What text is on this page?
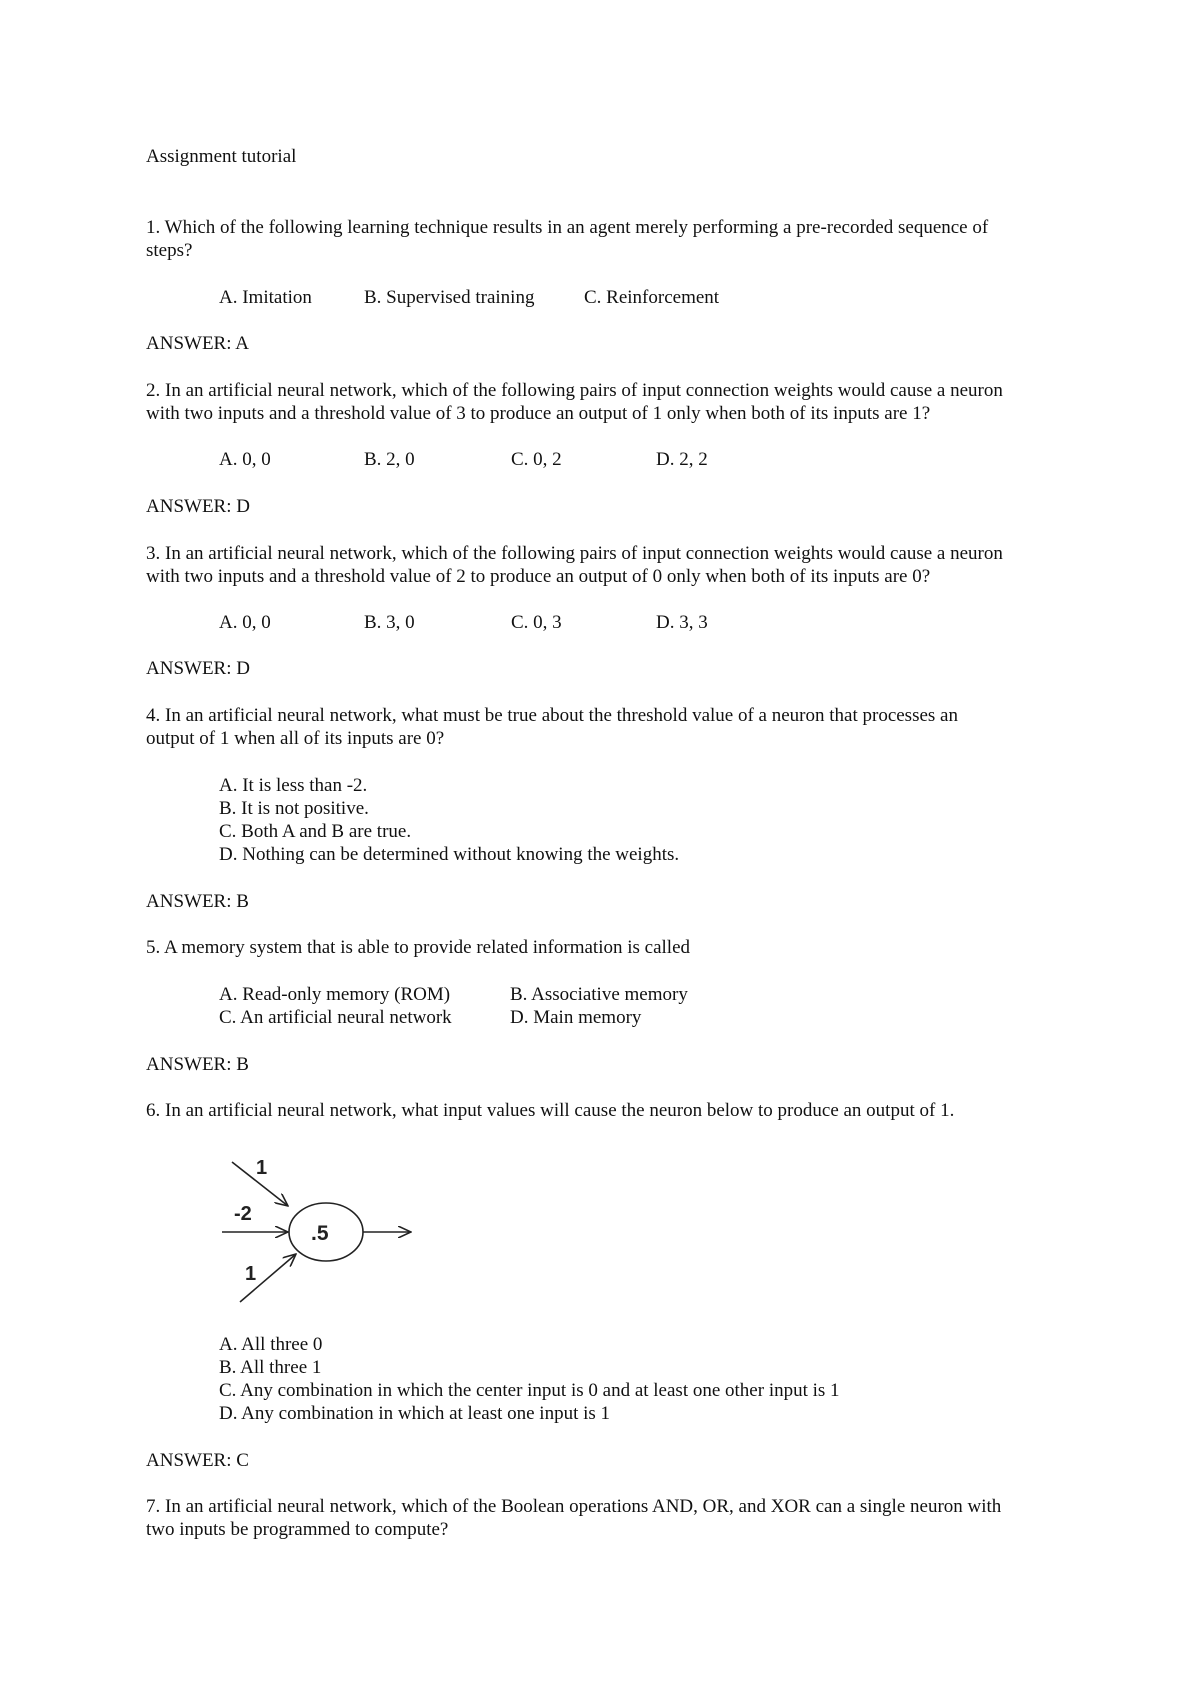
Assignment tutorial
1. Which of the following learning technique results in an agent merely performing a pre-recorded sequence of
steps?
A. Imitation	B. Supervised training	C. Reinforcement
ANSWER: A
2. In an artificial neural network, which of the following pairs of input connection weights would cause a neuron
with two inputs and a threshold value of 3 to produce an output of 1 only when both of its inputs are 1?
A. 0, 0	B. 2, 0	C. 0, 2	D. 2, 2
ANSWER: D
3. In an artificial neural network, which of the following pairs of input connection weights would cause a neuron
with two inputs and a threshold value of 2 to produce an output of 0 only when both of its inputs are 0?
A. 0, 0	B. 3, 0	C. 0, 3	D. 3, 3
ANSWER: D
4. In an artificial neural network, what must be true about the threshold value of a neuron that processes an
output of 1 when all of its inputs are 0?
A. It is less than -2.
B. It is not positive.
C. Both A and B are true.
D. Nothing can be determined without knowing the weights.
ANSWER: B
5. A memory system that is able to provide related information is called
A. Read-only memory (ROM)	B. Associative memory
C. An artificial neural network	D. Main memory
ANSWER: B
6. In an artificial neural network, what input values will cause the neuron below to produce an output of 1.
1
-2
1
.5
A. All three 0
B. All three 1
C. Any combination in which the center input is 0 and at least one other input is 1
D. Any combination in which at least one input is 1
ANSWER: C
7. In an artificial neural network, which of the Boolean operations AND, OR, and XOR can a single neuron with
two inputs be programmed to compute?
